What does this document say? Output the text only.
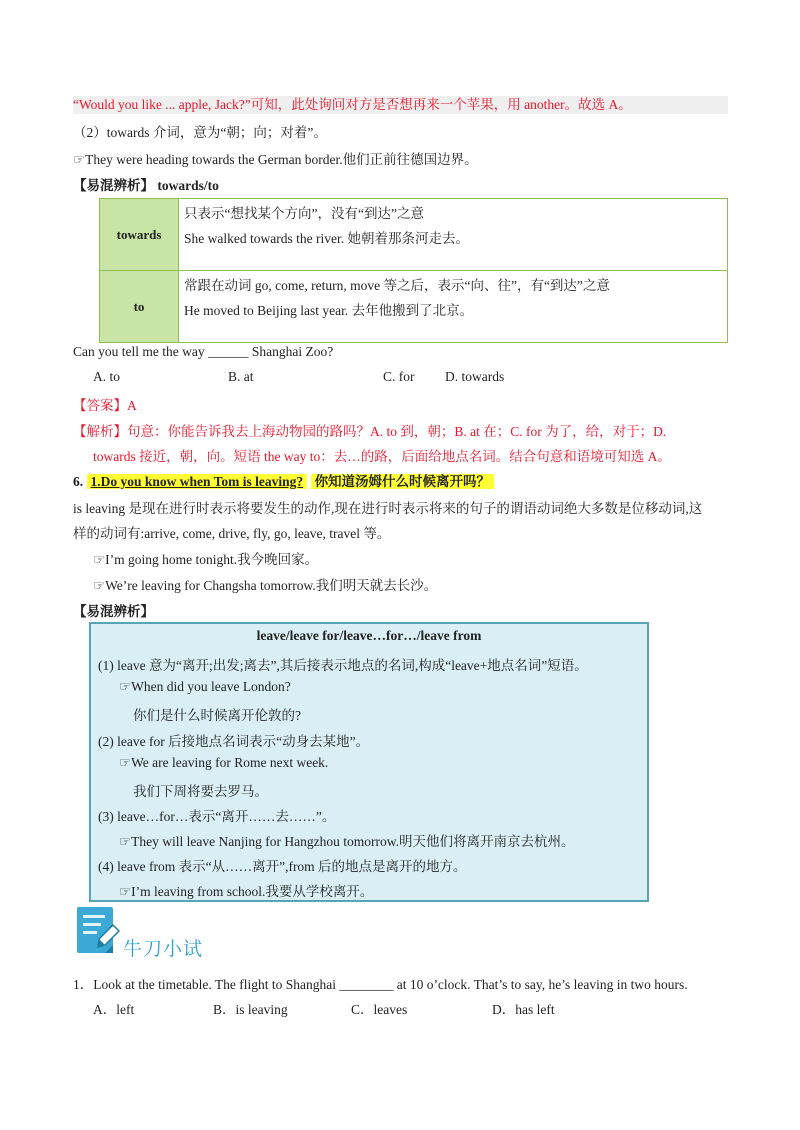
“Would you like ... apple, Jack?”可知，此处询问对方是否想再来一个苹果，用 another。故选 A。
（2）towards 介词，意为“朝；向；对着”。
☞They were heading towards the German border.他们正前往德国边界。
【易混辨析】 towards/to
towards	只表示“想找某个方向”，没有“到达”之意
She walked towards the river. 她朝着那条河走去。

to	常跟在动词 go, come, return, move 等之后，表示“向、往”，有“到达”之意
He moved to Beijing last year. 去年他搬到了北京。
Can you tell me the way ______ Shanghai Zoo?
A. to	B. at	C. for D. towards
【答案】A
【解析】句意：你能告诉我去上海动物园的路吗？A. to 到，朝；B. at 在；C. for 为了，给，对于；D.
towards 接近，朝，向。短语 the way to：去…的路，后面给地点名词。结合句意和语境可知选 A。
6. 1.Do you know when Tom is leaving? 你知道汤姆什么时候离开吗？
is leaving 是现在进行时表示将要发生的动作,现在进行时表示将来的句子的谓语动词绝大多数是位移动词,这
样的动词有:arrive, come, drive, fly, go, leave, travel 等。
☞I’m going home tonight.我今晚回家。
☞We’re leaving for Changsha tomorrow.我们明天就去长沙。
【易混辨析】
leave/leave for/leave…for…/leave from
(1) leave 意为“离开;出发;离去”,其后接表示地点的名词,构成“leave+地点名词”短语。
☞When did you leave London?
你们是什么时候离开伦敦的?
(2) leave for 后接地点名词表示“动身去某地”。
☞We are leaving for Rome next week.
我们下周将要去罗马。
(3) leave…for…表示“离开……去……”。
☞They will leave Nanjing for Hangzhou tomorrow.明天他们将离开南京去杭州。
(4) leave from 表示“从……离开”,from 后的地点是离开的地方。
☞I’m leaving from school.我要从学校离开。
牛刀小试
1．Look at the timetable. The flight to Shanghai ________ at 10 o’clock. That’s to say, he’s leaving in two hours.
A．left	B．is leaving	C．leaves	D．has left
